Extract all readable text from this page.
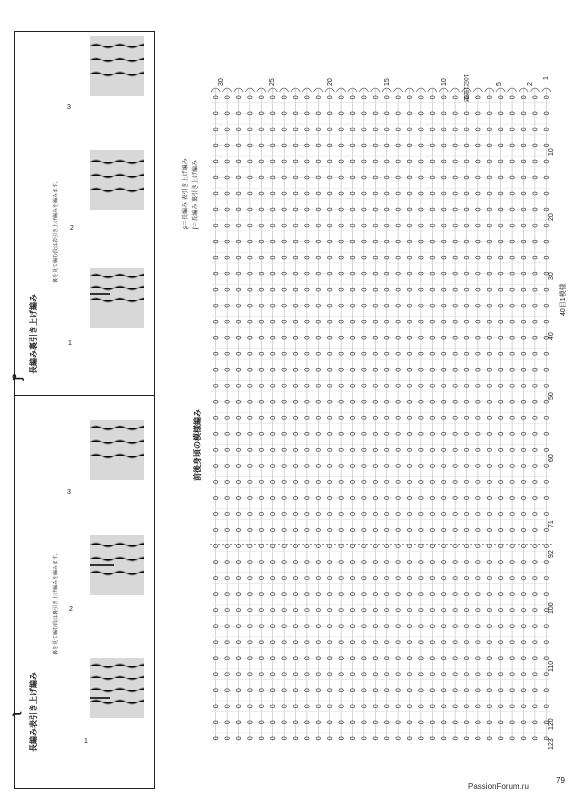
ʅ 長編み表引き上げ編み
裏を見て編む段は裏引き上げ編みを編みます。
1
2
3
ʆ
長編み裏引き上げ編み
裏を見て編む段は表引き上げ編みを編みます。
1
2
3
前後身頃の模様編み
ʂ＝長編み 表引き上げ編み
ʃ＝長編み 裏引き上げ編み
30	25	20	15	10	5	2
1
10段1模様
10
20
30
40
50
60
71
92
100
110
120
123
40目1模様
79
PassionForum.ru
